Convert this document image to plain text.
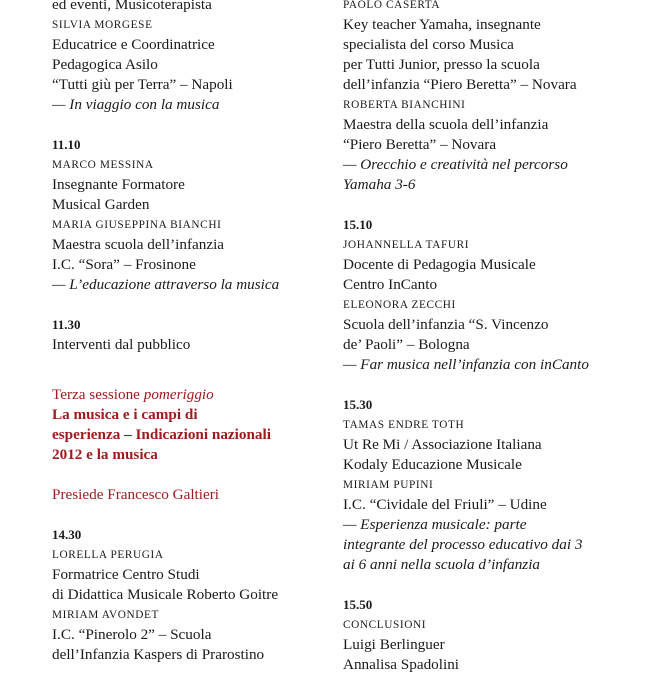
ed eventi, Musicoterapista
SILVIA MORGESE
Educatrice e Coordinatrice
Pedagogica Asilo
“Tutti giù per Terra” – Napoli
— In viaggio con la musica
11.10
MARCO MESSINA
Insegnante Formatore
Musical Garden
MARIA GIUSEPPINA BIANCHI
Maestra scuola dell’infanzia
I.C. “Sora” – Frosinone
— L’educazione attraverso la musica
11.30
Interventi dal pubblico
Terza sessione pomeriggio
La musica e i campi di
esperienza – Indicazioni nazionali
2012 e la musica
Presiede Francesco Galtieri
14.30
LORELLA PERUGIA
Formatrice Centro Studi
di Didattica Musicale Roberto Goitre
MIRIAM AVONDET
I.C. “Pinerolo 2” – Scuola
dell’Infanzia Kaspers di Prarostino
PAOLO CASERTA
Key teacher Yamaha, insegnante
specialista del corso Musica
per Tutti Junior, presso la scuola
dell’infanzia “Piero Beretta” – Novara
ROBERTA BIANCHINI
Maestra della scuola dell’infanzia
“Piero Beretta” – Novara
— Orecchio e creatività nel percorso
Yamaha 3-6
15.10
JOHANNELLA TAFURI
Docente di Pedagogia Musicale
Centro InCanto
ELEONORA ZECCHI
Scuola dell’infanzia “S. Vincenzo
de’ Paoli” – Bologna
— Far musica nell’infanzia con inCanto
15.30
TAMAS ENDRE TOTH
Ut Re Mi / Associazione Italiana
Kodaly Educazione Musicale
MIRIAM PUPINI
I.C. “Cividale del Friuli” – Udine
— Esperienza musicale: parte
integrante del processo educativo dai 3
ai 6 anni nella scuola d’infanzia
15.50
CONCLUSIONI
Luigi Berlinguer
Annalisa Spadolini
